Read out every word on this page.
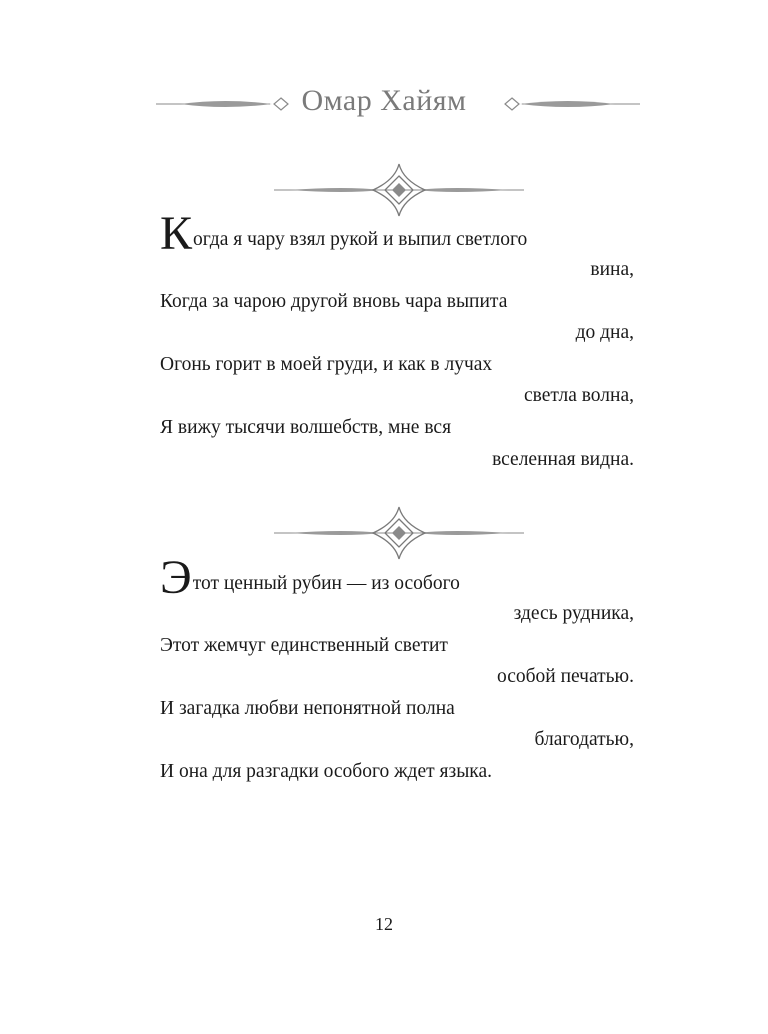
Омар Хайям
Когда я чару взял рукой и выпил светлого
вина,
Когда за чарою другой вновь чара выпита
до дна,
Огонь горит в моей груди, и как в лучах
светла волна,
Я вижу тысячи волшебств, мне вся
вселенная видна.
Этот ценный рубин — из особого
здесь рудника,
Этот жемчуг единственный светит
особой печатью.
И загадка любви непонятной полна
благодатью,
И она для разгадки особого ждет языка.
12
